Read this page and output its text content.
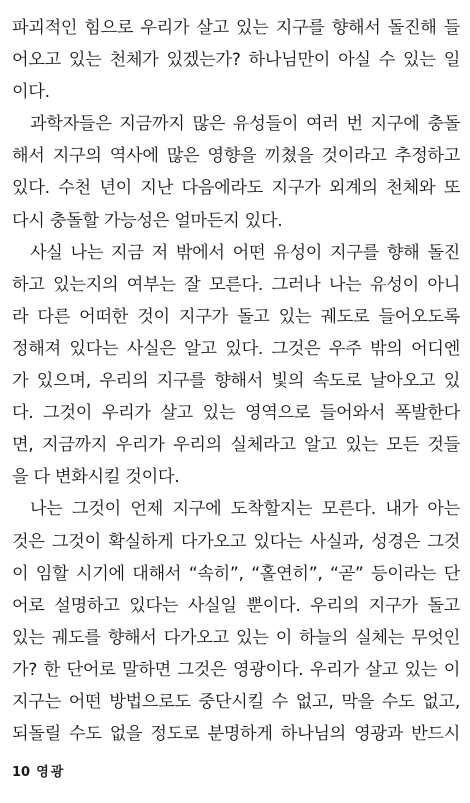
파괴적인 힘으로 우리가 살고 있는 지구를 향해서 돌진해 들
어오고 있는 천체가 있겠는가? 하나님만이 아실 수 있는 일
이다.
과학자들은 지금까지 많은 유성들이 여러 번 지구에 충돌
해서 지구의 역사에 많은 영향을 끼쳤을 것이라고 추정하고
있다. 수천 년이 지난 다음에라도 지구가 외계의 천체와 또
다시 충돌할 가능성은 얼마든지 있다.
사실 나는 지금 저 밖에서 어떤 유성이 지구를 향해 돌진
하고 있는지의 여부는 잘 모른다. 그러나 나는 유성이 아니
라 다른 어떠한 것이 지구가 돌고 있는 궤도로 들어오도록
정해져 있다는 사실은 알고 있다. 그것은 우주 밖의 어디엔
가 있으며, 우리의 지구를 향해서 빛의 속도로 날아오고 있
다. 그것이 우리가 살고 있는 영역으로 들어와서 폭발한다
면, 지금까지 우리가 우리의 실체라고 알고 있는 모든 것들
을 다 변화시킬 것이다.
나는 그것이 언제 지구에 도착할지는 모른다. 내가 아는
것은 그것이 확실하게 다가오고 있다는 사실과, 성경은 그것
이 임할 시기에 대해서 “속히”, “홀연히”, “곧” 등이라는 단
어로 설명하고 있다는 사실일 뿐이다. 우리의 지구가 돌고
있는 궤도를 향해서 다가오고 있는 이 하늘의 실체는 무엇인
가? 한 단어로 말하면 그것은 영광이다. 우리가 살고 있는 이
지구는 어떤 방법으로도 중단시킬 수 없고, 막을 수도 없고,
되돌릴 수도 없을 정도로 분명하게 하나님의 영광과 반드시
10 영광
